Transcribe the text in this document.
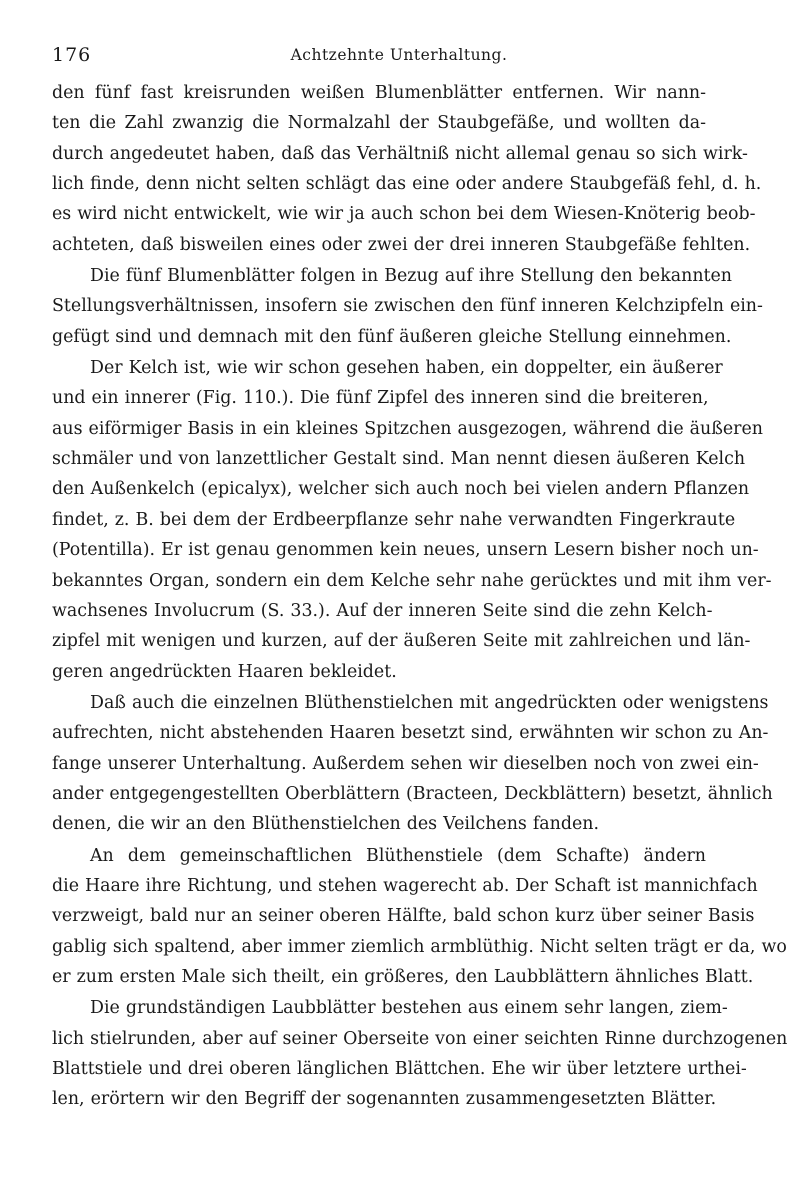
176	Achtzehnte Unterhaltung.

den fünf fast kreisrunden weißen Blumenblätter entfernen. Wir nann-
ten die Zahl zwanzig die Normalzahl der Staubgefäße, und wollten da-
durch angedeutet haben, daß das Verhältniß nicht allemal genau so sich wirk-
lich finde, denn nicht selten schlägt das eine oder andere Staubgefäß fehl, d. h.
es wird nicht entwickelt, wie wir ja auch schon bei dem Wiesen-Knöterig beob-
achteten, daß bisweilen eines oder zwei der drei inneren Staubgefäße fehlten.

Die fünf Blumenblätter folgen in Bezug auf ihre Stellung den bekannten
Stellungsverhältnissen, insofern sie zwischen den fünf inneren Kelchzipfeln ein-
gefügt sind und demnach mit den fünf äußeren gleiche Stellung einnehmen.

Der Kelch ist, wie wir schon gesehen haben, ein doppelter, ein äußerer
und ein innerer (Fig. 110.). Die fünf Zipfel des inneren sind die breiteren,
aus eiförmiger Basis in ein kleines Spitzchen ausgezogen, während die äußeren
schmäler und von lanzettlicher Gestalt sind. Man nennt diesen äußeren Kelch
den Außenkelch (epicalyx), welcher sich auch noch bei vielen andern Pflanzen
findet, z. B. bei dem der Erdbeerpflanze sehr nahe verwandten Fingerkraute
(Potentilla). Er ist genau genommen kein neues, unsern Lesern bisher noch un-
bekanntes Organ, sondern ein dem Kelche sehr nahe gerücktes und mit ihm ver-
wachsenes Involucrum (S. 33.). Auf der inneren Seite sind die zehn Kelch-
zipfel mit wenigen und kurzen, auf der äußeren Seite mit zahlreichen und län-
geren angedrückten Haaren bekleidet.

Daß auch die einzelnen Blüthenstielchen mit angedrückten oder wenigstens
aufrechten, nicht abstehenden Haaren besetzt sind, erwähnten wir schon zu An-
fange unserer Unterhaltung. Außerdem sehen wir dieselben noch von zwei ein-
ander entgegengestellten Oberblättern (Bracteen, Deckblättern) besetzt, ähnlich
denen, die wir an den Blüthenstielchen des Veilchens fanden.

An dem gemeinschaftlichen Blüthenstiele (dem Schafte) ändern
die Haare ihre Richtung, und stehen wagerecht ab. Der Schaft ist mannichfach
verzweigt, bald nur an seiner oberen Hälfte, bald schon kurz über seiner Basis
gablig sich spaltend, aber immer ziemlich armblüthig. Nicht selten trägt er da, wo
er zum ersten Male sich theilt, ein größeres, den Laubblättern ähnliches Blatt.

Die grundständigen Laubblätter bestehen aus einem sehr langen, ziem-
lich stielrunden, aber auf seiner Oberseite von einer seichten Rinne durchzogenen
Blattstiele und drei oberen länglichen Blättchen. Ehe wir über letztere urthei-
len, erörtern wir den Begriff der sogenannten zusammengesetzten Blätter.
